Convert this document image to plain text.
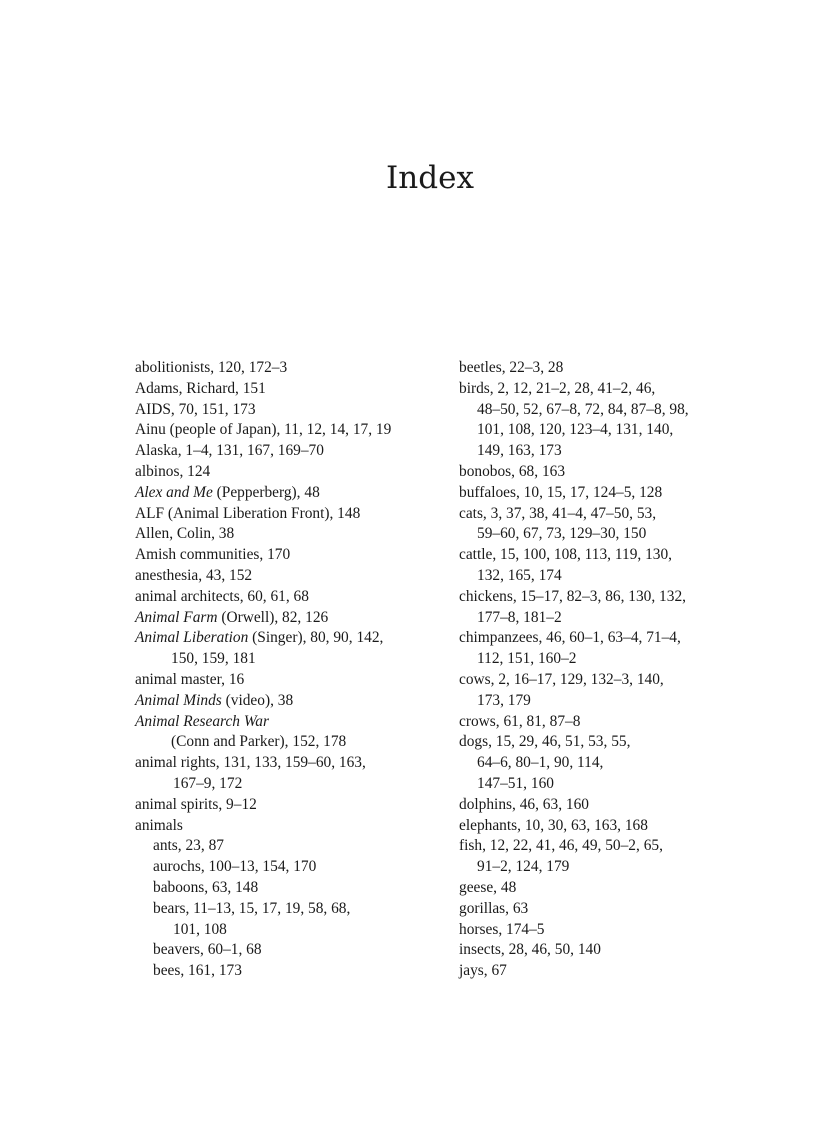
Index
abolitionists, 120, 172–3
Adams, Richard, 151
AIDS, 70, 151, 173
Ainu (people of Japan), 11, 12, 14, 17, 19
Alaska, 1–4, 131, 167, 169–70
albinos, 124
Alex and Me (Pepperberg), 48
ALF (Animal Liberation Front), 148
Allen, Colin, 38
Amish communities, 170
anesthesia, 43, 152
animal architects, 60, 61, 68
Animal Farm (Orwell), 82, 126
Animal Liberation (Singer), 80, 90, 142,
150, 159, 181
animal master, 16
Animal Minds (video), 38
Animal Research War
(Conn and Parker), 152, 178
animal rights, 131, 133, 159–60, 163,
167–9, 172
animal spirits, 9–12
animals
ants, 23, 87
aurochs, 100–13, 154, 170
baboons, 63, 148
bears, 11–13, 15, 17, 19, 58, 68,
101, 108
beavers, 60–1, 68
bees, 161, 173
beetles, 22–3, 28
birds, 2, 12, 21–2, 28, 41–2, 46,
48–50, 52, 67–8, 72, 84, 87–8, 98,
101, 108, 120, 123–4, 131, 140,
149, 163, 173
bonobos, 68, 163
buffaloes, 10, 15, 17, 124–5, 128
cats, 3, 37, 38, 41–4, 47–50, 53,
59–60, 67, 73, 129–30, 150
cattle, 15, 100, 108, 113, 119, 130,
132, 165, 174
chickens, 15–17, 82–3, 86, 130, 132,
177–8, 181–2
chimpanzees, 46, 60–1, 63–4, 71–4,
112, 151, 160–2
cows, 2, 16–17, 129, 132–3, 140,
173, 179
crows, 61, 81, 87–8
dogs, 15, 29, 46, 51, 53, 55,
64–6, 80–1, 90, 114,
147–51, 160
dolphins, 46, 63, 160
elephants, 10, 30, 63, 163, 168
fish, 12, 22, 41, 46, 49, 50–2, 65,
91–2, 124, 179
geese, 48
gorillas, 63
horses, 174–5
insects, 28, 46, 50, 140
jays, 67
